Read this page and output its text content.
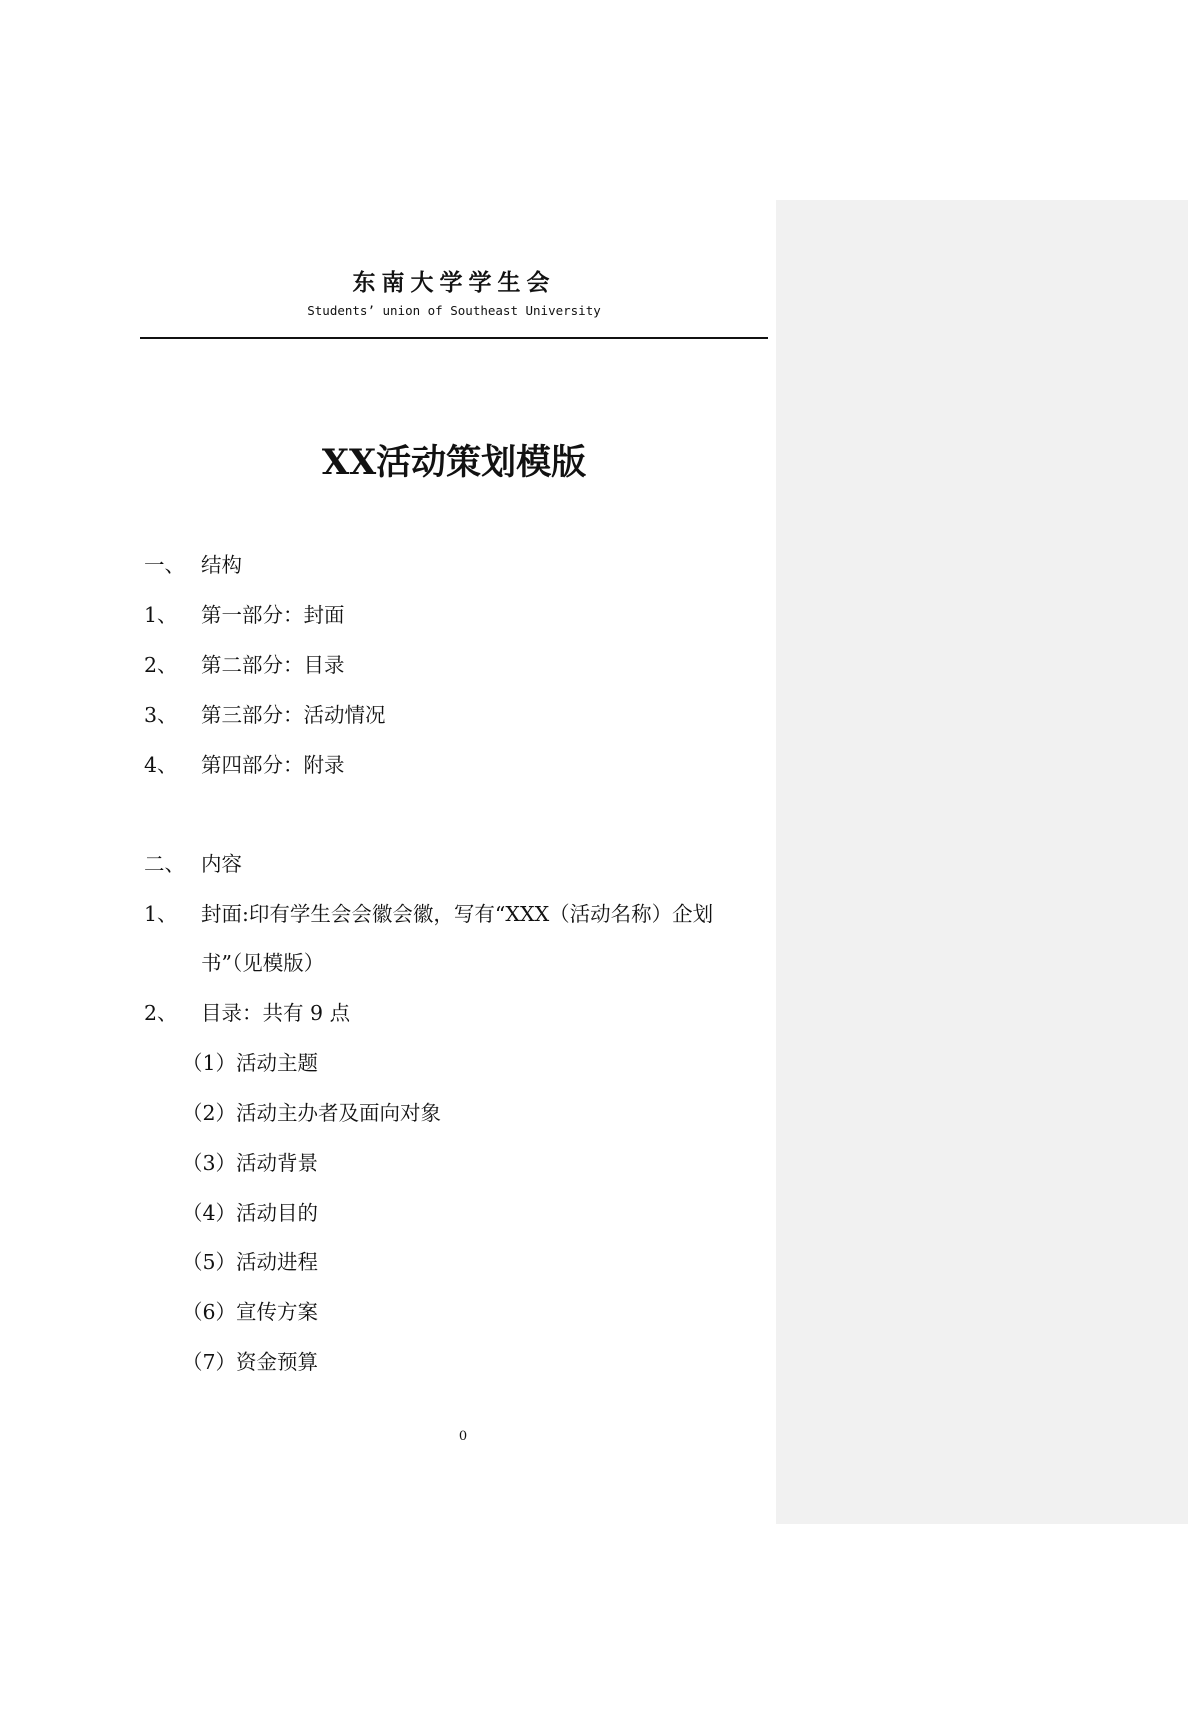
东南大学学生会
Students’ union of Southeast University
XX活动策划模版
一、 结构
1、 第一部分：封面
2、 第二部分：目录
3、 第三部分：活动情况
4、 第四部分：附录
二、 内容
1、 封面:印有学生会会徽会徽，写有“XXX（活动名称）企划
书”（见模版）
2、 目录：共有 9 点
（1）活动主题
（2）活动主办者及面向对象
（3）活动背景
（4）活动目的
（5）活动进程
（6）宣传方案
（7）资金预算
0
